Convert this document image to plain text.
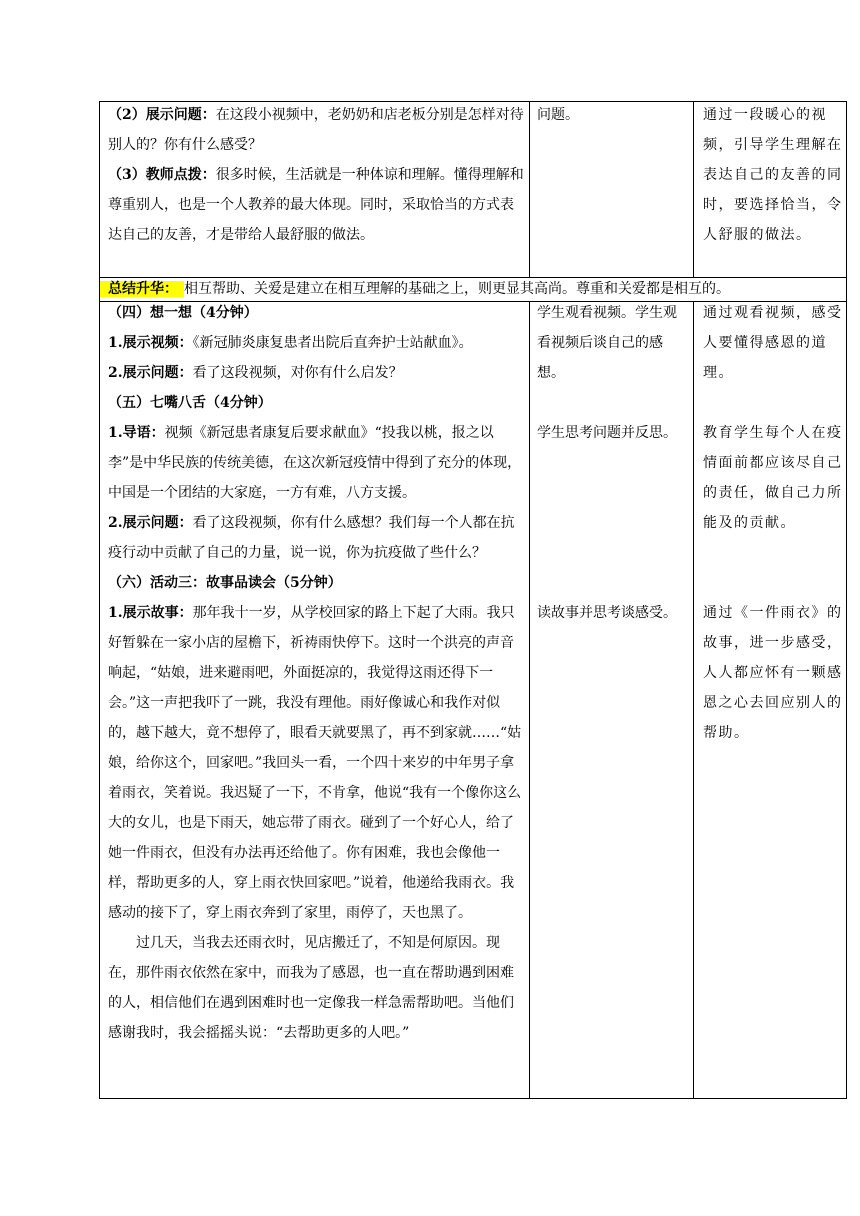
（2）展示问题：在这段小视频中，老奶奶和店老板分别是怎样对待别人的？你有什么感受？

（3）教师点拨：很多时候，生活就是一种体谅和理解。懂得理解和尊重别人，也是一个人教养的最大体现。同时，采取恰当的方式表达自己的友善，才是带给人最舒服的做法。

问题。	通过一段暖心的视频，引导学生理解在表达自己的友善的同时，要选择恰当，令人舒服的做法。

总结升华： 相互帮助、关爱是建立在相互理解的基础之上，则更显其高尚。尊重和关爱都是相互的。

（四）想一想（4分钟）

1.展示视频：《新冠肺炎康复患者出院后直奔护士站献血》。

2.展示问题：看了这段视频，对你有什么启发？

（五）七嘴八舌（4分钟）

1.导语：视频《新冠患者康复后要求献血》“投我以桃，报之以李”是中华民族的传统美德，在这次新冠疫情中得到了充分的体现，中国是一个团结的大家庭，一方有难，八方支援。

2.展示问题：看了这段视频，你有什么感想？我们每一个人都在抗疫行动中贡献了自己的力量，说一说，你为抗疫做了些什么？

（六）活动三：故事品读会（5分钟）

1.展示故事：那年我十一岁，从学校回家的路上下起了大雨。我只好暂躲在一家小店的屋檐下，祈祷雨快停下。这时一个洪亮的声音响起，“姑娘，进来避雨吧，外面挺凉的，我觉得这雨还得下一会。”这一声把我吓了一跳，我没有理他。雨好像诚心和我作对似的，越下越大，竟不想停了，眼看天就要黑了，再不到家就……“姑娘，给你这个，回家吧。”我回头一看，一个四十来岁的中年男子拿着雨衣，笑着说。我迟疑了一下，不肯拿，他说“我有一个像你这么大的女儿，也是下雨天，她忘带了雨衣。碰到了一个好心人，给了她一件雨衣，但没有办法再还给他了。你有困难，我也会像他一样，帮助更多的人，穿上雨衣快回家吧。”说着，他递给我雨衣。我感动的接下了，穿上雨衣奔到了家里，雨停了，天也黑了。

过几天，当我去还雨衣时，见店搬迁了，不知是何原因。现在，那件雨衣依然在家中，而我为了感恩，也一直在帮助遇到困难的人，相信他们在遇到困难时也一定像我一样急需帮助吧。当他们感谢我时，我会摇摇头说：“去帮助更多的人吧。”

学生观看视频。学生观看视频后谈自己的感想。

学生思考问题并反思。

读故事并思考谈感受。

通过观看视频，感受人要懂得感恩的道理。

教育学生每个人在疫情面前都应该尽自己的责任，做自己力所能及的贡献。

通过《一件雨衣》的故事，进一步感受，人人都应怀有一颗感恩之心去回应别人的帮助。
